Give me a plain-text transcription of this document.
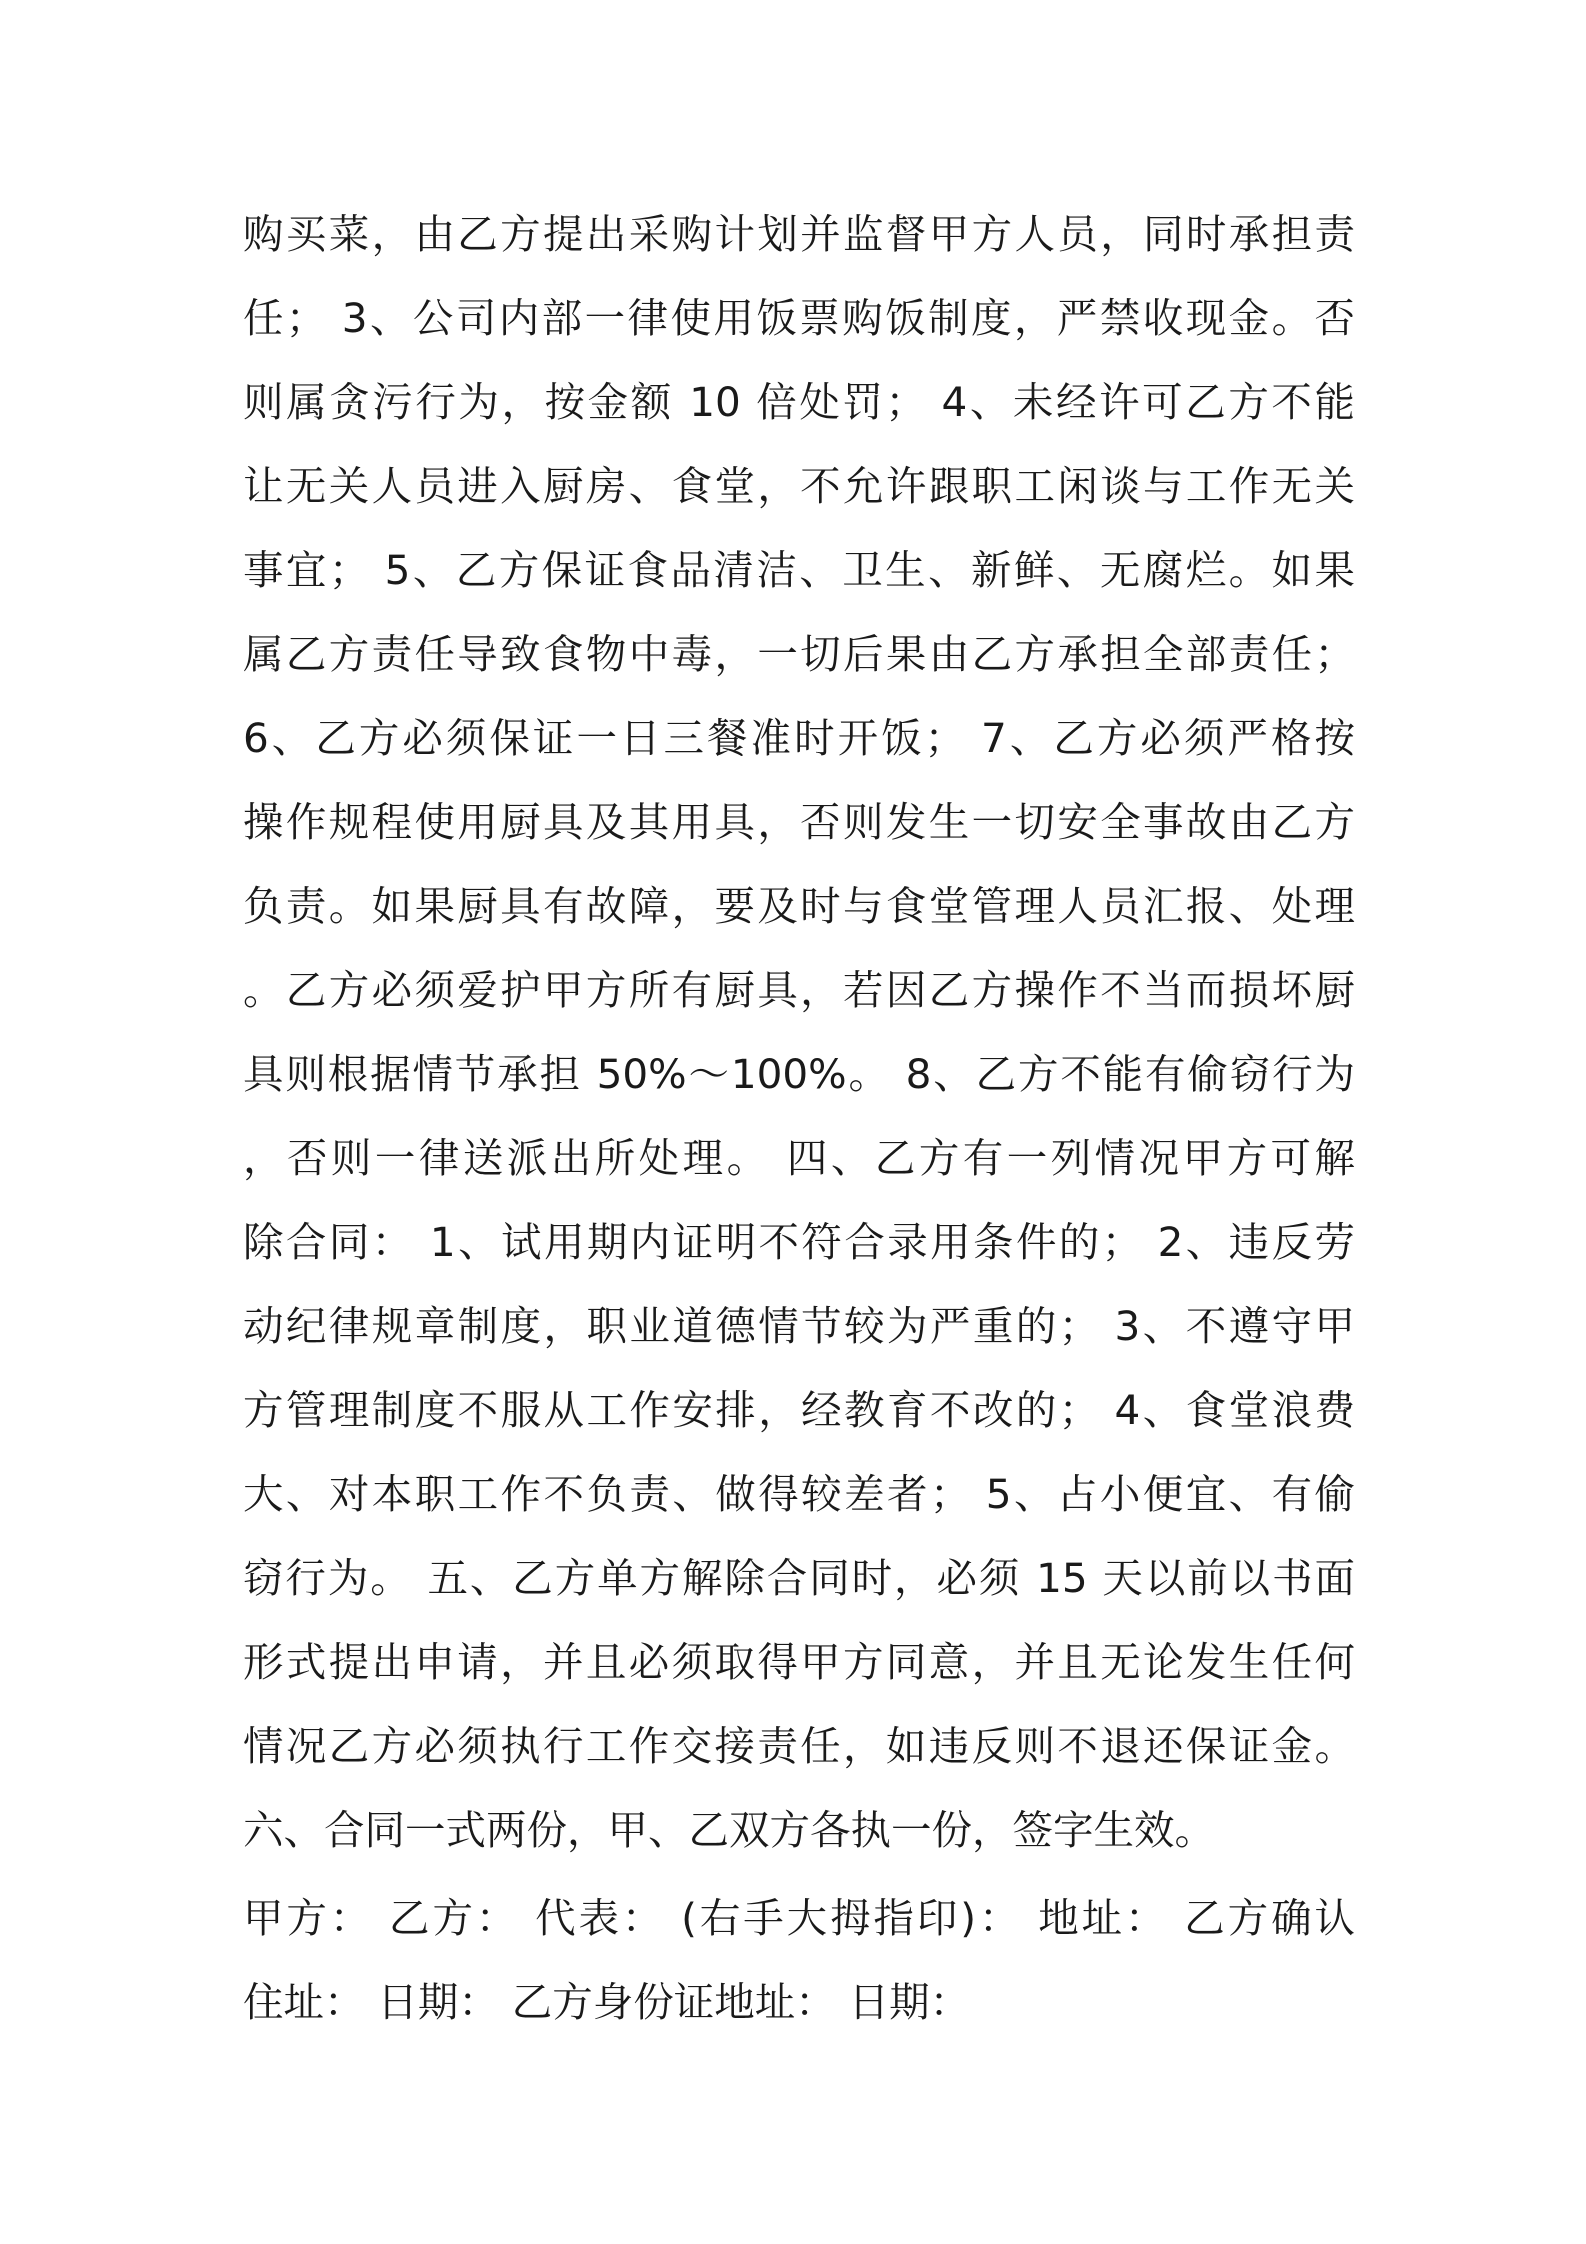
购买菜，由乙方提出采购计划并监督甲方人员，同时承担责
任； 3、公司内部一律使用饭票购饭制度，严禁收现金。否
则属贪污行为，按金额 10 倍处罚； 4、未经许可乙方不能
让无关人员进入厨房、食堂，不允许跟职工闲谈与工作无关
事宜； 5、乙方保证食品清洁、卫生、新鲜、无腐烂。如果
属乙方责任导致食物中毒，一切后果由乙方承担全部责任；
6、乙方必须保证一日三餐准时开饭； 7、乙方必须严格按
操作规程使用厨具及其用具，否则发生一切安全事故由乙方
负责。如果厨具有故障，要及时与食堂管理人员汇报、处理
。乙方必须爱护甲方所有厨具，若因乙方操作不当而损坏厨
具则根据情节承担 50%～100%。 8、乙方不能有偷窃行为
，否则一律送派出所处理。 四、乙方有一列情况甲方可解
除合同： 1、试用期内证明不符合录用条件的； 2、违反劳
动纪律规章制度，职业道德情节较为严重的； 3、不遵守甲
方管理制度不服从工作安排，经教育不改的； 4、食堂浪费
大、对本职工作不负责、做得较差者； 5、占小便宜、有偷
窃行为。 五、乙方单方解除合同时，必须 15 天以前以书面
形式提出申请，并且必须取得甲方同意，并且无论发生任何
情况乙方必须执行工作交接责任，如违反则不退还保证金。
六、合同一式两份，甲、乙双方各执一份，签字生效。
甲方： 乙方： 代表： (右手大拇指印)： 地址： 乙方确认
住址： 日期： 乙方身份证地址： 日期：
